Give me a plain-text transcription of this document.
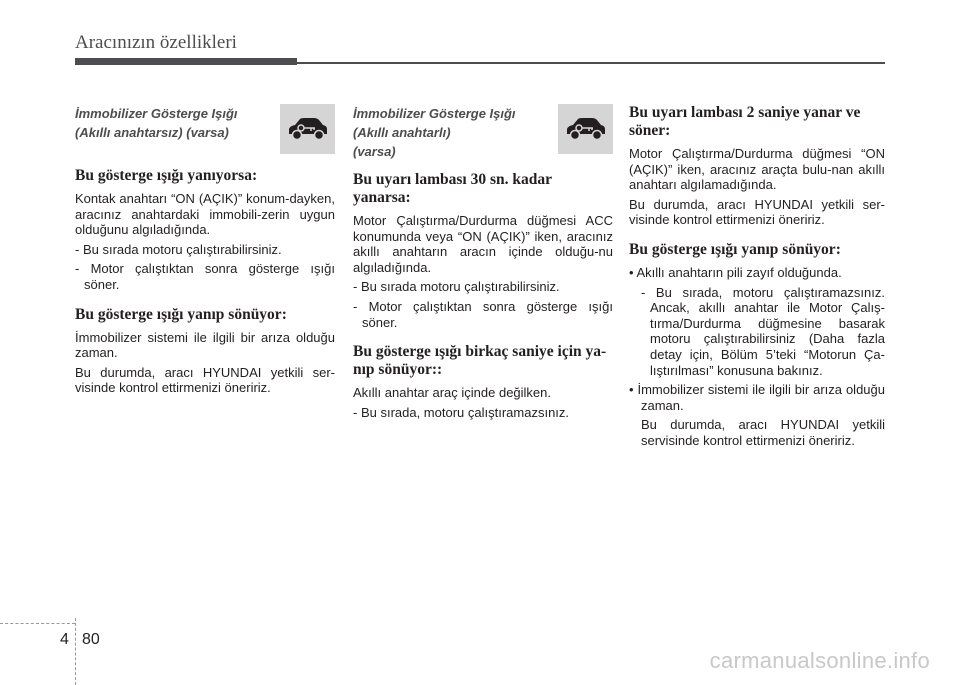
Aracınızın özellikleri
İmmobilizer Gösterge Işığı
(Akıllı anahtarsız) (varsa)
Bu gösterge ışığı yanıyorsa:

Kontak anahtarı “ON (AÇIK)” konum-dayken, aracınız anahtardaki immobili-zerin uygun olduğunu algıladığında.

- Bu sırada motoru çalıştırabilirsiniz.

- Motor çalıştıktan sonra gösterge ışığı söner.

Bu gösterge ışığı yanıp sönüyor:

İmmobilizer sistemi ile ilgili bir arıza olduğu zaman.

Bu durumda, aracı HYUNDAI yetkili ser-visinde kontrol ettirmenizi öneririz.

İmmobilizer Gösterge Işığı
(Akıllı anahtarlı)
(varsa)
Bu uyarı lambası 30 sn. kadar
yanarsa:

Motor Çalıştırma/Durdurma düğmesi ACC konumunda veya “ON (AÇIK)” iken, aracınız akıllı anahtarın aracın içinde olduğu-nu algıladığında.

- Bu sırada motoru çalıştırabilirsiniz.

- Motor çalıştıktan sonra gösterge ışığı söner.

Bu gösterge ışığı birkaç saniye için ya-nıp sönüyor::

Akıllı anahtar araç içinde değilken.

- Bu sırada, motoru çalıştıramazsınız.

Bu uyarı lambası 2 saniye yanar ve söner:

Motor Çalıştırma/Durdurma düğmesi “ON (AÇIK)” iken, aracınız araçta bulu-nan akıllı anahtarı algılamadığında.

Bu durumda, aracı HYUNDAI yetkili ser-visinde kontrol ettirmenizi öneririz.

Bu gösterge ışığı yanıp sönüyor:

• Akıllı anahtarın pili zayıf olduğunda.

- Bu sırada, motoru çalıştıramazsınız. Ancak, akıllı anahtar ile Motor Çalış-tırma/Durdurma düğmesine basarak motoru çalıştırabilirsiniz (Daha fazla detay için, Bölüm 5’teki “Motorun Ça-lıştırılması” konusuna bakınız.

• İmmobilizer sistemi ile ilgili bir arıza olduğu zaman.

Bu durumda, aracı HYUNDAI yetkili servisinde kontrol ettirmenizi öneririz.

4 80
carmanualsonline.info
